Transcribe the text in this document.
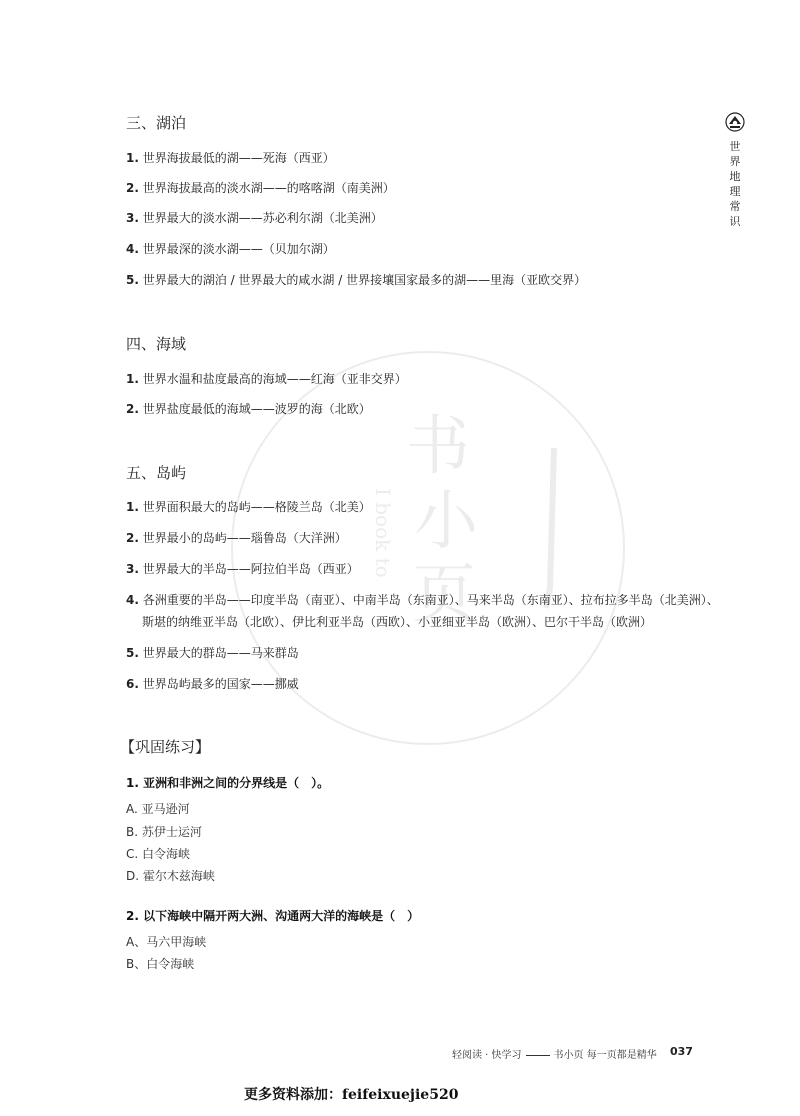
书
小
页
I book to
世
界
地
理
常
识
三、湖泊
1. 世界海拔最低的湖——死海（西亚）
2. 世界海拔最高的淡水湖——的喀喀湖（南美洲）
3. 世界最大的淡水湖——苏必利尔湖（北美洲）
4. 世界最深的淡水湖——（贝加尔湖）
5. 世界最大的湖泊 / 世界最大的咸水湖 / 世界接壤国家最多的湖——里海（亚欧交界）
四、海域
1. 世界水温和盐度最高的海域——红海（亚非交界）
2. 世界盐度最低的海域——波罗的海（北欧）
五、岛屿
1. 世界面积最大的岛屿——格陵兰岛（北美）
2. 世界最小的岛屿——瑙鲁岛（大洋洲）
3. 世界最大的半岛——阿拉伯半岛（西亚）
4. 各洲重要的半岛——印度半岛（南亚）、中南半岛（东南亚）、马来半岛（东南亚）、拉布拉多半岛（北美洲）、
斯堪的纳维亚半岛（北欧）、伊比利亚半岛（西欧）、小亚细亚半岛（欧洲）、巴尔干半岛（欧洲）
5. 世界最大的群岛——马来群岛
6. 世界岛屿最多的国家——挪威
【巩固练习】
1. 亚洲和非洲之间的分界线是（　）。
A. 亚马逊河
B. 苏伊士运河
C. 白令海峡
D. 霍尔木兹海峡
2. 以下海峡中隔开两大洲、沟通两大洋的海峡是（　）
A、马六甲海峡
B、白令海峡
轻阅读 · 快学习	书小页 每一页都是精华 037
更多资料添加：feifeixuejie520
